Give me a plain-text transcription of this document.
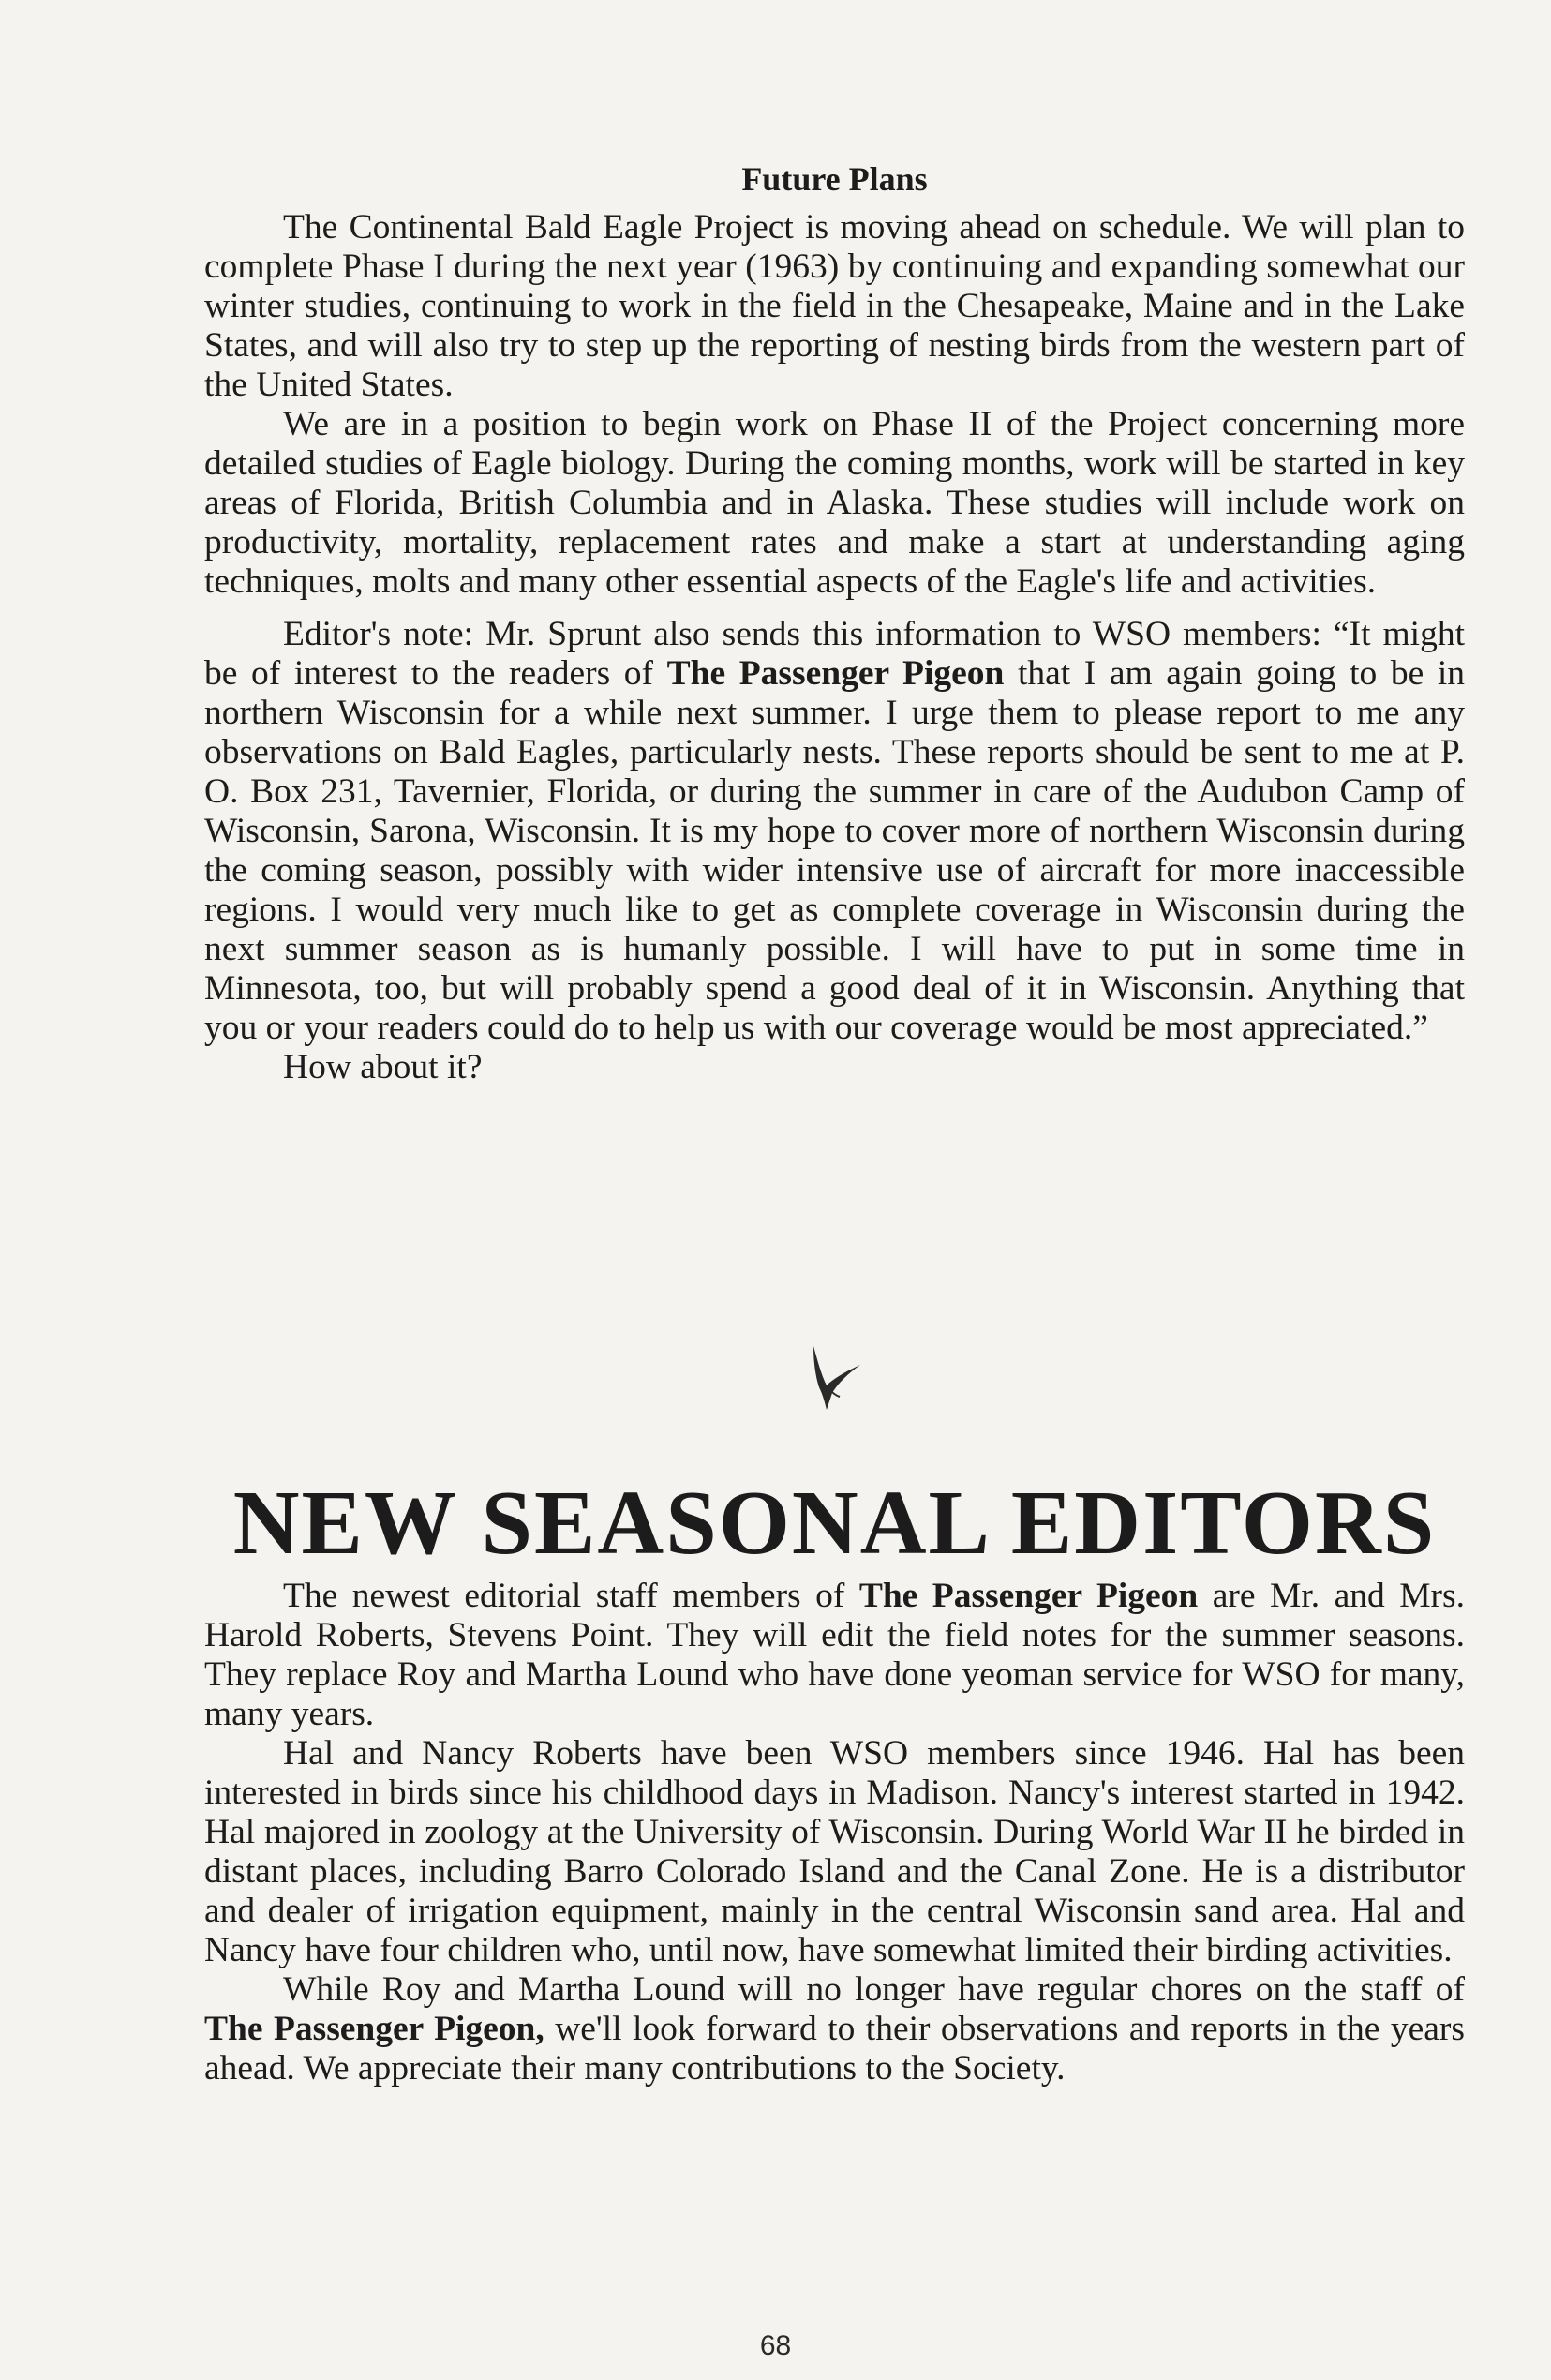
Future Plans

The Continental Bald Eagle Project is moving ahead on schedule. We will plan to complete Phase I during the next year (1963) by continuing and expanding somewhat our winter studies, continuing to work in the field in the Chesapeake, Maine and in the Lake States, and will also try to step up the reporting of nesting birds from the western part of the United States.

We are in a position to begin work on Phase II of the Project concerning more detailed studies of Eagle biology. During the coming months, work will be started in key areas of Florida, British Columbia and in Alaska. These studies will include work on productivity, mortality, replacement rates and make a start at understanding aging techniques, molts and many other essential aspects of the Eagle's life and activities.

Editor's note: Mr. Sprunt also sends this information to WSO members: “It might be of interest to the readers of The Passenger Pigeon that I am again going to be in northern Wisconsin for a while next summer. I urge them to please report to me any observations on Bald Eagles, particularly nests. These reports should be sent to me at P. O. Box 231, Tavernier, Florida, or during the summer in care of the Audubon Camp of Wisconsin, Sarona, Wisconsin. It is my hope to cover more of northern Wisconsin during the coming season, possibly with wider intensive use of aircraft for more inaccessible regions. I would very much like to get as complete coverage in Wisconsin during the next summer season as is humanly possible. I will have to put in some time in Minnesota, too, but will probably spend a good deal of it in Wisconsin. Anything that you or your readers could do to help us with our coverage would be most appreciated.”

How about it?

NEW SEASONAL EDITORS

The newest editorial staff members of The Passenger Pigeon are Mr. and Mrs. Harold Roberts, Stevens Point. They will edit the field notes for the summer seasons. They replace Roy and Martha Lound who have done yeoman service for WSO for many, many years.

Hal and Nancy Roberts have been WSO members since 1946. Hal has been interested in birds since his childhood days in Madison. Nancy's interest started in 1942. Hal majored in zoology at the University of Wisconsin. During World War II he birded in distant places, including Barro Colorado Island and the Canal Zone. He is a distributor and dealer of irrigation equipment, mainly in the central Wisconsin sand area. Hal and Nancy have four children who, until now, have somewhat limited their birding activities.

While Roy and Martha Lound will no longer have regular chores on the staff of The Passenger Pigeon, we'll look forward to their observations and reports in the years ahead. We appreciate their many contributions to the Society.

68
